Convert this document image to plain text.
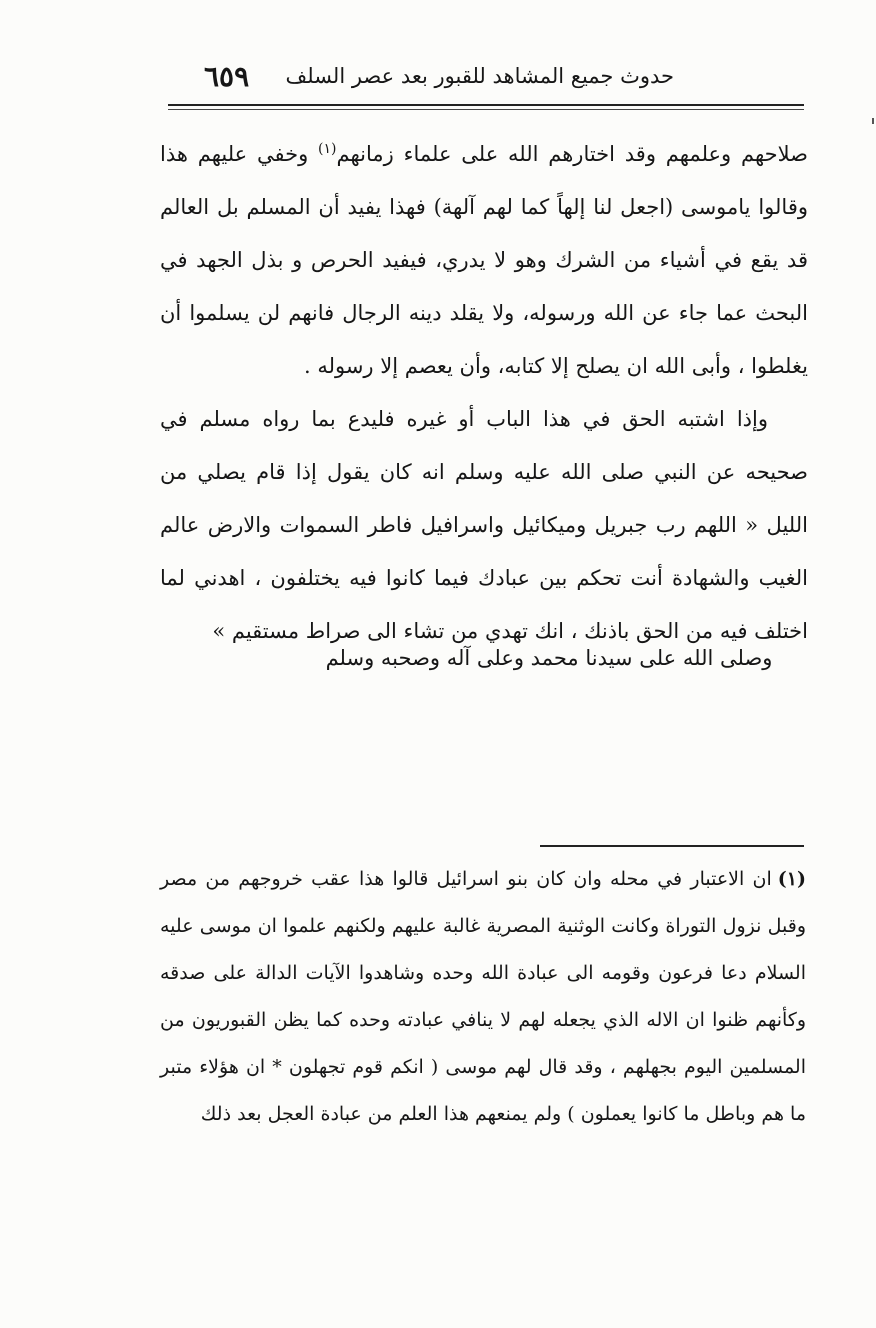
٦٥٩ حدوث جميع المشاهد للقبور بعد عصر السلف

صلاحهم وعلمهم وقد اختارهم الله على علماء زمانهم$^{(١)}$ وخفي عليهم هذا وقالوا ياموسى (اجعل لنا إلهاً كما لهم آلهة) فهذا يفيد أن المسلم بل العالم قد يقع في أشياء من الشرك وهو لا يدري، فيفيد الحرص و بذل الجهد في البحث عما جاء عن الله ورسوله، ولا يقلد دينه الرجال فانهم لن يسلموا أن يغلطوا ، وأبى الله ان يصلح إلا كتابه، وأن يعصم إلا رسوله .

وإذا اشتبه الحق في هذا الباب أو غيره فليدع بما رواه مسلم في صحيحه عن النبي صلى الله عليه وسلم انه كان يقول إذا قام يصلي من الليل « اللهم رب جبريل وميكائيل واسرافيل فاطر السموات والارض عالم الغيب والشهادة أنت تحكم بين عبادك فيما كانوا فيه يختلفون ، اهدني لما اختلف فيه من الحق باذنك ، انك تهدي من تشاء الى صراط مستقيم »

وصلى الله على سيدنا محمد وعلى آله وصحبه وسلم

(١)ان الاعتبار في محله وان كان بنو اسرائيل قالوا هذا عقب خروجهم من مصر وقبل نزول التوراة وكانت الوثنية المصرية غالبة عليهم ولكنهم علموا ان موسى عليه السلام دعا فرعون وقومه الى عبادة الله وحده وشاهدوا الآيات الدالة على صدقه وكأنهم ظنوا ان الاله الذي يجعله لهم لا ينافي عبادته وحده كما يظن القبوريون من المسلمين اليوم بجهلهم ، وقد قال لهم موسى ( انكم قوم تجهلون * ان هؤلاء متبر ما هم وباطل ما كانوا يعملون ) ولم يمنعهم هذا العلم من عبادة العجل بعد ذلك
